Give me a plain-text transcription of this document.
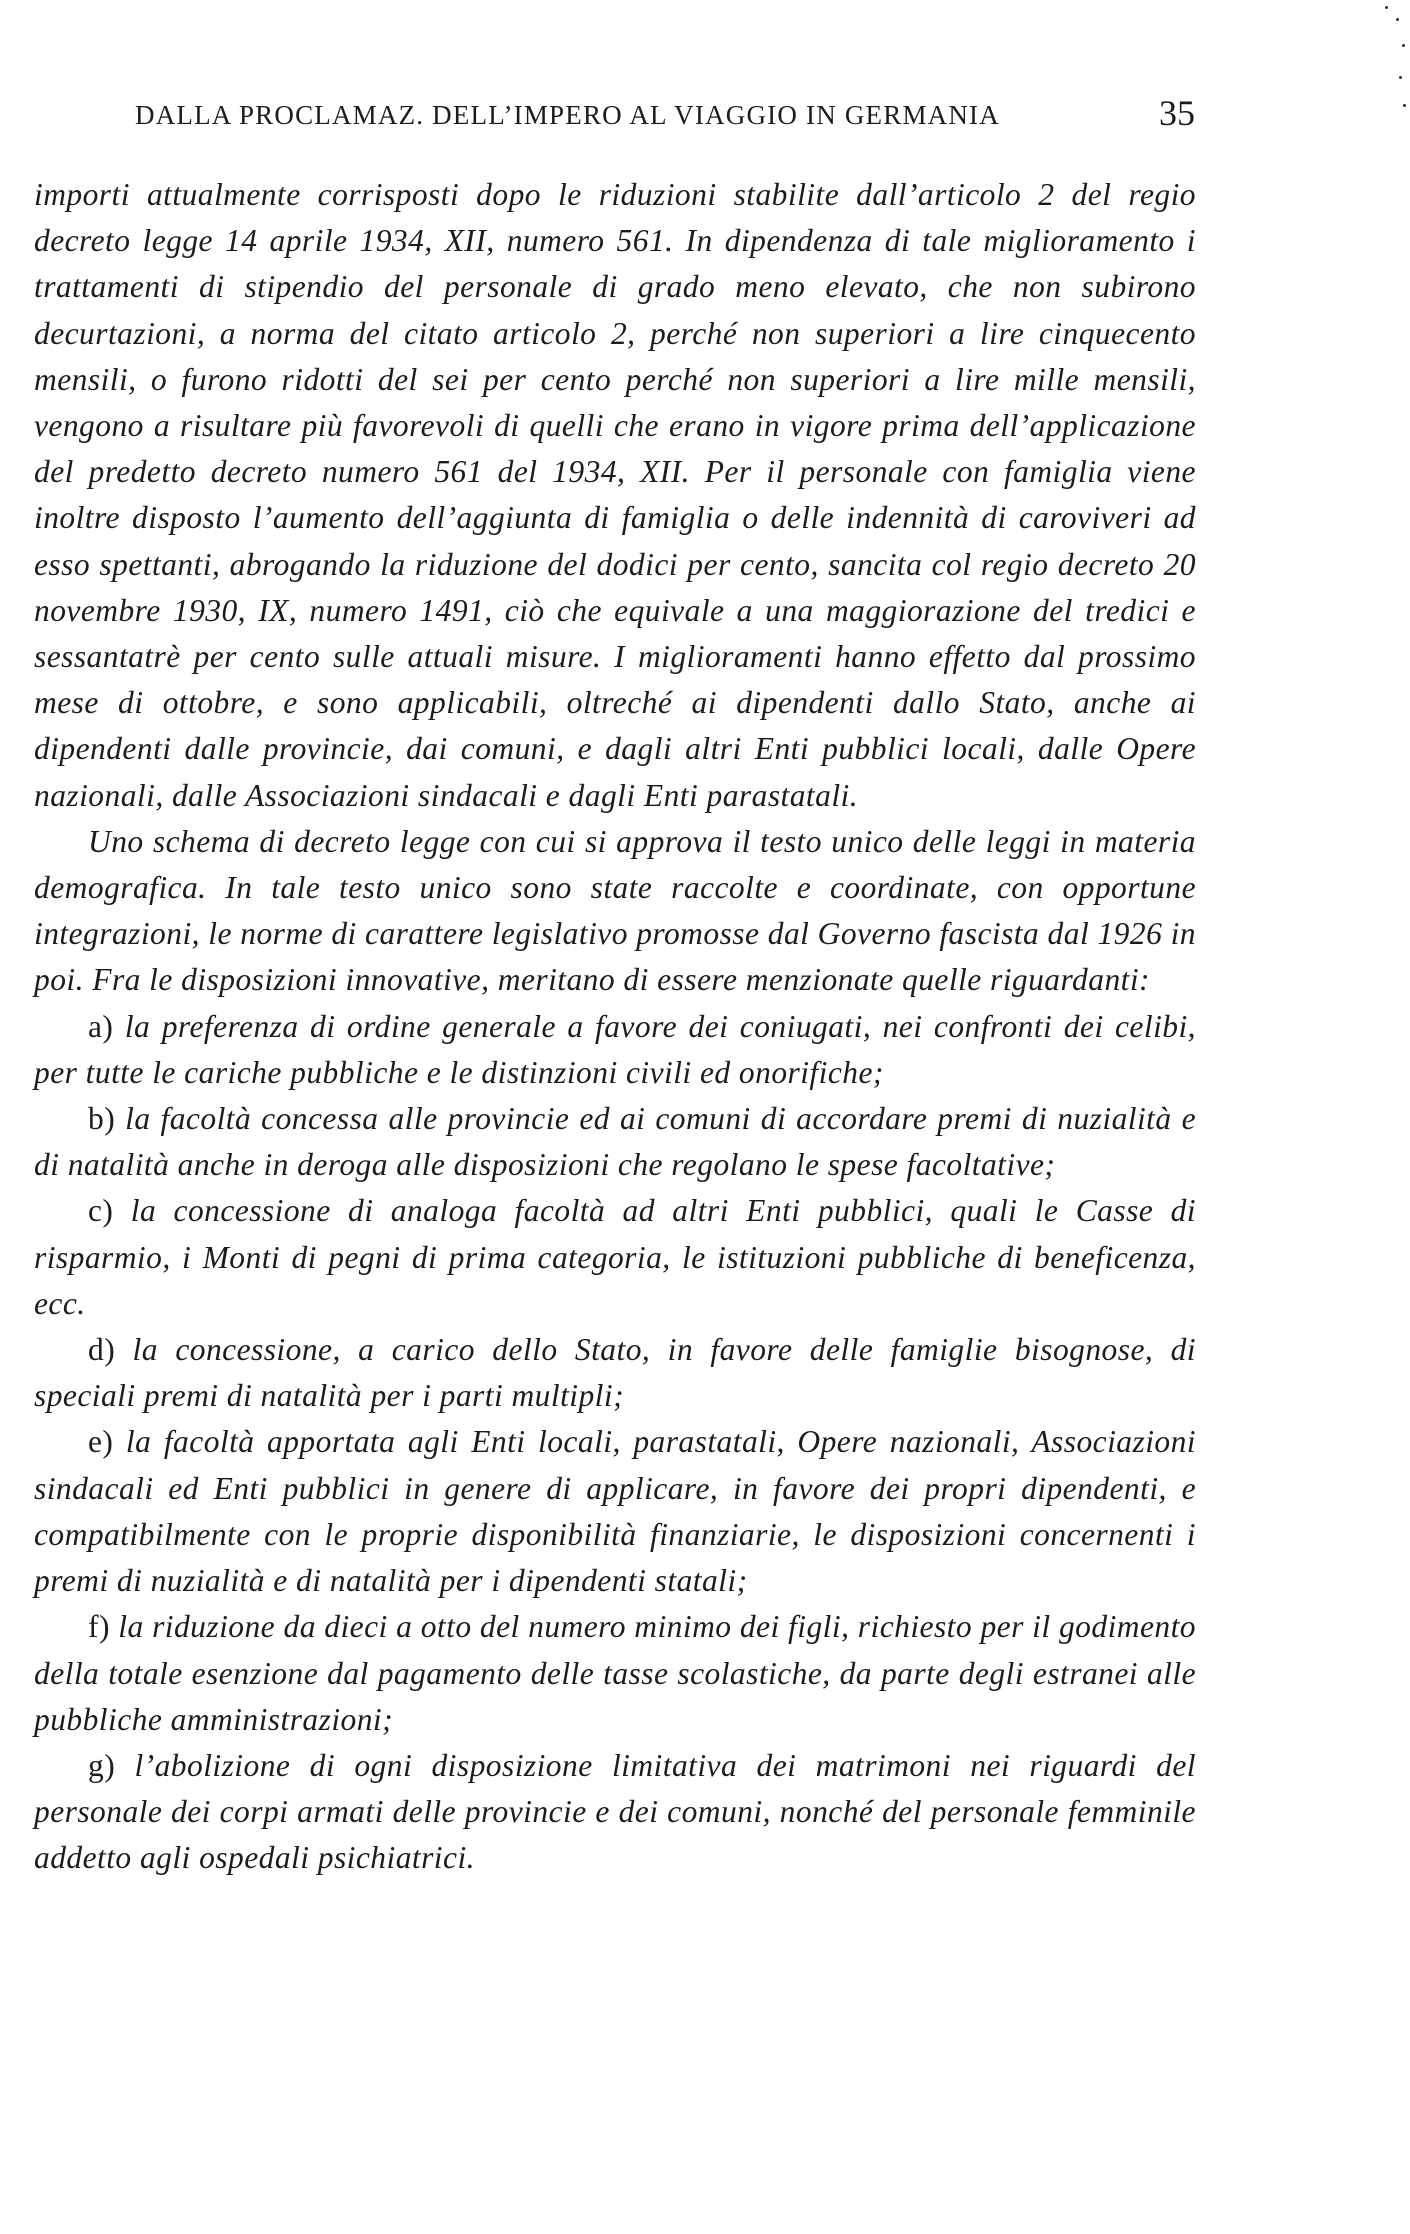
DALLA PROCLAMAZ. DELL’IMPERO AL VIAGGIO IN GERMANIA	35

importi attualmente corrisposti dopo le riduzioni stabilite dall’articolo 2 del regio decreto legge 14 aprile 1934, XII, numero 561. In dipendenza di tale miglioramento i trattamenti di stipendio del personale di grado meno elevato, che non subirono decurtazioni, a norma del citato articolo 2, perché non superiori a lire cinquecento mensili, o furono ridotti del sei per cento perché non superiori a lire mille mensili, vengono a risultare più favorevoli di quelli che erano in vigore prima dell’applicazione del predetto decreto numero 561 del 1934, XII. Per il personale con famiglia viene inoltre disposto l’aumento dell’aggiunta di famiglia o delle indennità di caroviveri ad esso spettanti, abrogando la riduzione del dodici per cento, sancita col regio decreto 20 novembre 1930, IX, numero 1491, ciò che equivale a una maggiorazione del tredici e sessantatrè per cento sulle attuali misure. I miglioramenti hanno effetto dal prossimo mese di ottobre, e sono applicabili, oltreché ai dipendenti dallo Stato, anche ai dipendenti dalle provincie, dai comuni, e dagli altri Enti pubblici locali, dalle Opere nazionali, dalle Associazioni sindacali e dagli Enti parastatali.

Uno schema di decreto legge con cui si approva il testo unico delle leggi in materia demografica. In tale testo unico sono state raccolte e coordinate, con opportune integrazioni, le norme di carattere legislativo promosse dal Governo fascista dal 1926 in poi. Fra le disposizioni innovative, meritano di essere menzionate quelle riguardanti:

a) la preferenza di ordine generale a favore dei coniugati, nei confronti dei celibi, per tutte le cariche pubbliche e le distinzioni civili ed onorifiche;

b) la facoltà concessa alle provincie ed ai comuni di accordare premi di nuzialità e di natalità anche in deroga alle disposizioni che regolano le spese facoltative;

c) la concessione di analoga facoltà ad altri Enti pubblici, quali le Casse di risparmio, i Monti di pegni di prima categoria, le istituzioni pubbliche di beneficenza, ecc.

d) la concessione, a carico dello Stato, in favore delle famiglie bisognose, di speciali premi di natalità per i parti multipli;

e) la facoltà apportata agli Enti locali, parastatali, Opere nazionali, Associazioni sindacali ed Enti pubblici in genere di applicare, in favore dei propri dipendenti, e compatibilmente con le proprie disponibilità finanziarie, le disposizioni concernenti i premi di nuzialità e di natalità per i dipendenti statali;

f) la riduzione da dieci a otto del numero minimo dei figli, richiesto per il godimento della totale esenzione dal pagamento delle tasse scolastiche, da parte degli estranei alle pubbliche amministrazioni;

g) l’abolizione di ogni disposizione limitativa dei matrimoni nei riguardi del personale dei corpi armati delle provincie e dei comuni, nonché del personale femminile addetto agli ospedali psichiatrici.
